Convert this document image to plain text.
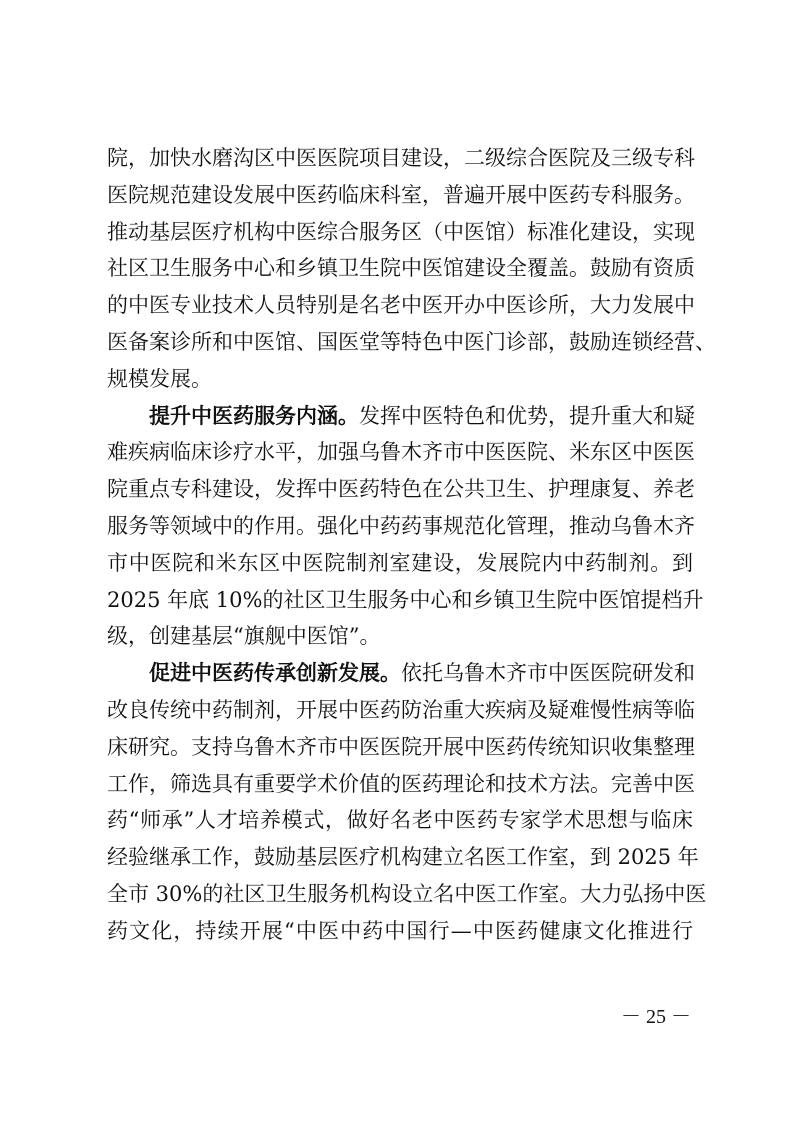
院，加快水磨沟区中医医院项目建设，二级综合医院及三级专科
医院规范建设发展中医药临床科室，普遍开展中医药专科服务。
推动基层医疗机构中医综合服务区（中医馆）标准化建设，实现
社区卫生服务中心和乡镇卫生院中医馆建设全覆盖。鼓励有资质
的中医专业技术人员特别是名老中医开办中医诊所，大力发展中
医备案诊所和中医馆、国医堂等特色中医门诊部，鼓励连锁经营、
规模发展。
提升中医药服务内涵。发挥中医特色和优势，提升重大和疑
难疾病临床诊疗水平，加强乌鲁木齐市中医医院、米东区中医医
院重点专科建设，发挥中医药特色在公共卫生、护理康复、养老
服务等领域中的作用。强化中药药事规范化管理，推动乌鲁木齐
市中医院和米东区中医院制剂室建设，发展院内中药制剂。到
2025 年底 10%的社区卫生服务中心和乡镇卫生院中医馆提档升
级，创建基层“旗舰中医馆”。
促进中医药传承创新发展。依托乌鲁木齐市中医医院研发和
改良传统中药制剂，开展中医药防治重大疾病及疑难慢性病等临
床研究。支持乌鲁木齐市中医医院开展中医药传统知识收集整理
工作，筛选具有重要学术价值的医药理论和技术方法。完善中医
药“师承”人才培养模式，做好名老中医药专家学术思想与临床
经验继承工作，鼓励基层医疗机构建立名医工作室，到 2025 年
全市 30%的社区卫生服务机构设立名中医工作室。大力弘扬中医
药文化，持续开展“中医中药中国行—中医药健康文化推进行
－ 25 －
